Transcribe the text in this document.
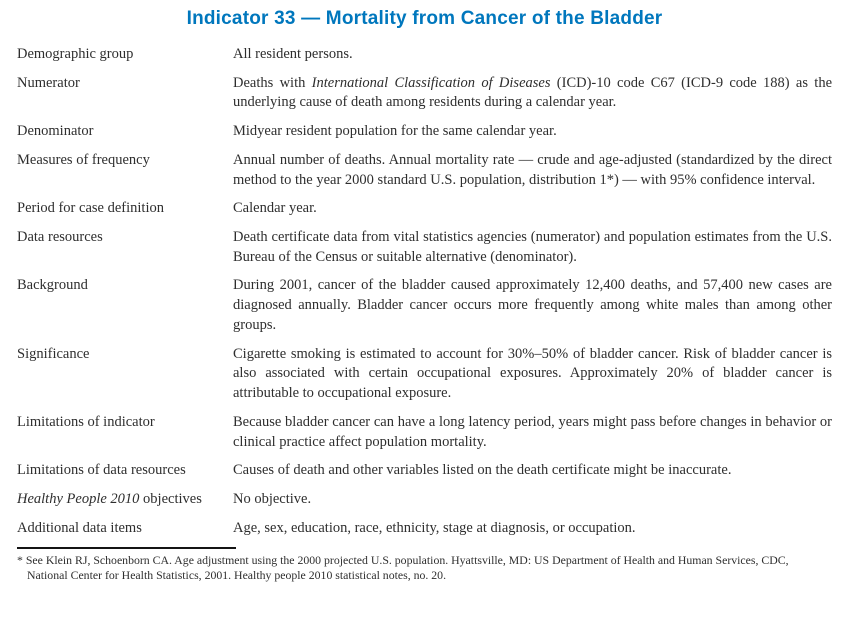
Indicator 33 — Mortality from Cancer of the Bladder
Demographic group	All resident persons.
Numerator	Deaths with International Classification of Diseases (ICD)-10 code C67 (ICD-9 code 188) as the underlying cause of death among residents during a calendar year.
Denominator	Midyear resident population for the same calendar year.
Measures of frequency	Annual number of deaths. Annual mortality rate — crude and age-adjusted (standardized by the direct method to the year 2000 standard U.S. population, distribution 1*) — with 95% confidence interval.
Period for case definition	Calendar year.
Data resources	Death certificate data from vital statistics agencies (numerator) and population estimates from the U.S. Bureau of the Census or suitable alternative (denominator).
Background	During 2001, cancer of the bladder caused approximately 12,400 deaths, and 57,400 new cases are diagnosed annually. Bladder cancer occurs more frequently among white males than among other groups.
Significance	Cigarette smoking is estimated to account for 30%–50% of bladder cancer. Risk of bladder cancer is also associated with certain occupational exposures. Approximately 20% of bladder cancer is attributable to occupational exposure.
Limitations of indicator	Because bladder cancer can have a long latency period, years might pass before changes in behavior or clinical practice affect population mortality.
Limitations of data resources	Causes of death and other variables listed on the death certificate might be inaccurate.
Healthy People 2010 objectives	No objective.
Additional data items	Age, sex, education, race, ethnicity, stage at diagnosis, or occupation.

* See Klein RJ, Schoenborn CA. Age adjustment using the 2000 projected U.S. population. Hyattsville, MD: US Department of Health and Human Services, CDC, National Center for Health Statistics, 2001. Healthy people 2010 statistical notes, no. 20.
